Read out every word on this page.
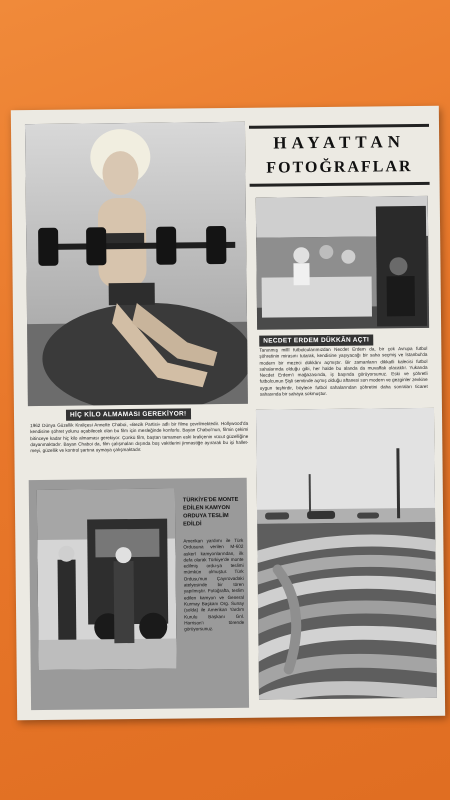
HAYATTAN
FOTOĞRAFLAR
NECDET ERDEM DÜKKÂN AÇTI
Tanınmış millî futbolcularımızdan Necdet Erdem da, bir çok Avrupa futbol şöhretinin mirasını tutarak, kendisine yaşıyacağı bir saha seçmiş ve İstanbul'da modern bir mezeci dükkânı açmıştır. Bir zamanların dikkatli kalecisi futbol sahalarında olduğu gibi, her halde bu alanda da muvaffak olacaktır. Yukarıda Necdet Erdem'i mağazasında, iş başında görüyorsunuz. Eski ve şöhretli futbolcunun Şişli semtinde açmış olduğu aftanesi son modern ve gezginler zevkine uygun teşhirdir, böylece futbol sahalarından şöhretini daha sonraları ticaret sahasında bir sahaya sokmuştur.
HİÇ KİLO ALMAMASI GEREKİYOR!
1962 Dünya Güzellik Kraliçesi Annette Chaboi, «Bezik Partisi» adlı bir filme çevrilmektedir. Hollywood'da kendisine şöhret yolunu açabilecek olan bu film için mesleğinde konforlu. Bayan Chaboi'nun, filmin çekimi bitinceye kadar hiç kilo almaması gerekiyor. Çünkü film, baştan tamamen eski kraliçenin vücut güzelliğine dayanmaktadır. Bayan Chaboi da, film çalışmaları dışında boş vakitlerini jimnastiğe ayırarak bu işi hallet-meyi, güzellik ve kontrol şartına uymaya çalışmaktadır.
TÜRKİYE'DE MONTE EDİLEN KAMYON ORDUYA TESLİM EDİLDİ
Amerikan yardımı ile Türk Ordusuna verilen M-602 askerî kamyonlarından, ilk defa olarak Türkiye'de monte edilmiş ordu-ya teslimi mümkün olmuştur. Türk Ordusu'nun Çayırovadaki atelyesinde bir tören yapılmıştır. Fotoğrafta, teslim edilen kamyon ve General Kurmay Başkanı Org. Sunay (solda) ile Amerikan Yardım Kurulu Başkanı Gnl. Harrison'ı törende görüyorsunuz.
